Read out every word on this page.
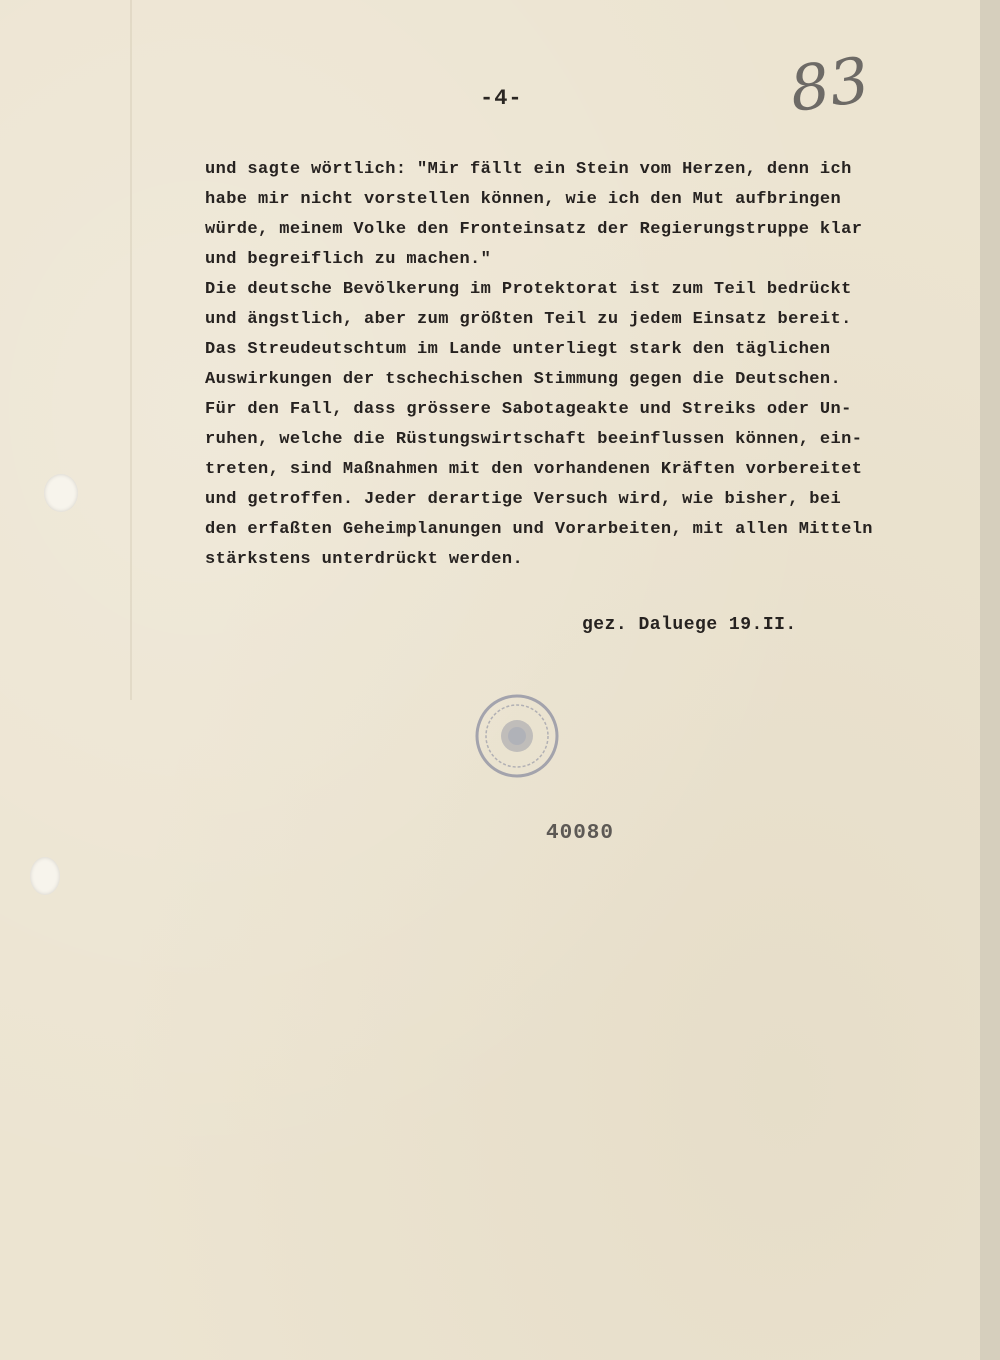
-4-	83
und sagte wörtlich: "Mir fällt ein Stein vom Herzen, denn ich
habe mir nicht vorstellen können, wie ich den Mut aufbringen
würde, meinem Volke den Fronteinsatz der Regierungstruppe klar
und begreiflich zu machen."
Die deutsche Bevölkerung im Protektorat ist zum Teil bedrückt
und ängstlich, aber zum größten Teil zu jedem Einsatz bereit.
Das Streudeutschtum im Lande unterliegt stark den täglichen
Auswirkungen der tschechischen Stimmung gegen die Deutschen.
Für den Fall, dass grössere Sabotageakte und Streiks oder Un-
ruhen, welche die Rüstungswirtschaft beeinflussen können, ein-
treten, sind Maßnahmen mit den vorhandenen Kräften vorbereitet
und getroffen. Jeder derartige Versuch wird, wie bisher, bei
den erfaßten Geheimplanungen und Vorarbeiten, mit allen Mitteln
stärkstens unterdrückt werden.
gez. Daluege 19.II.
40080
